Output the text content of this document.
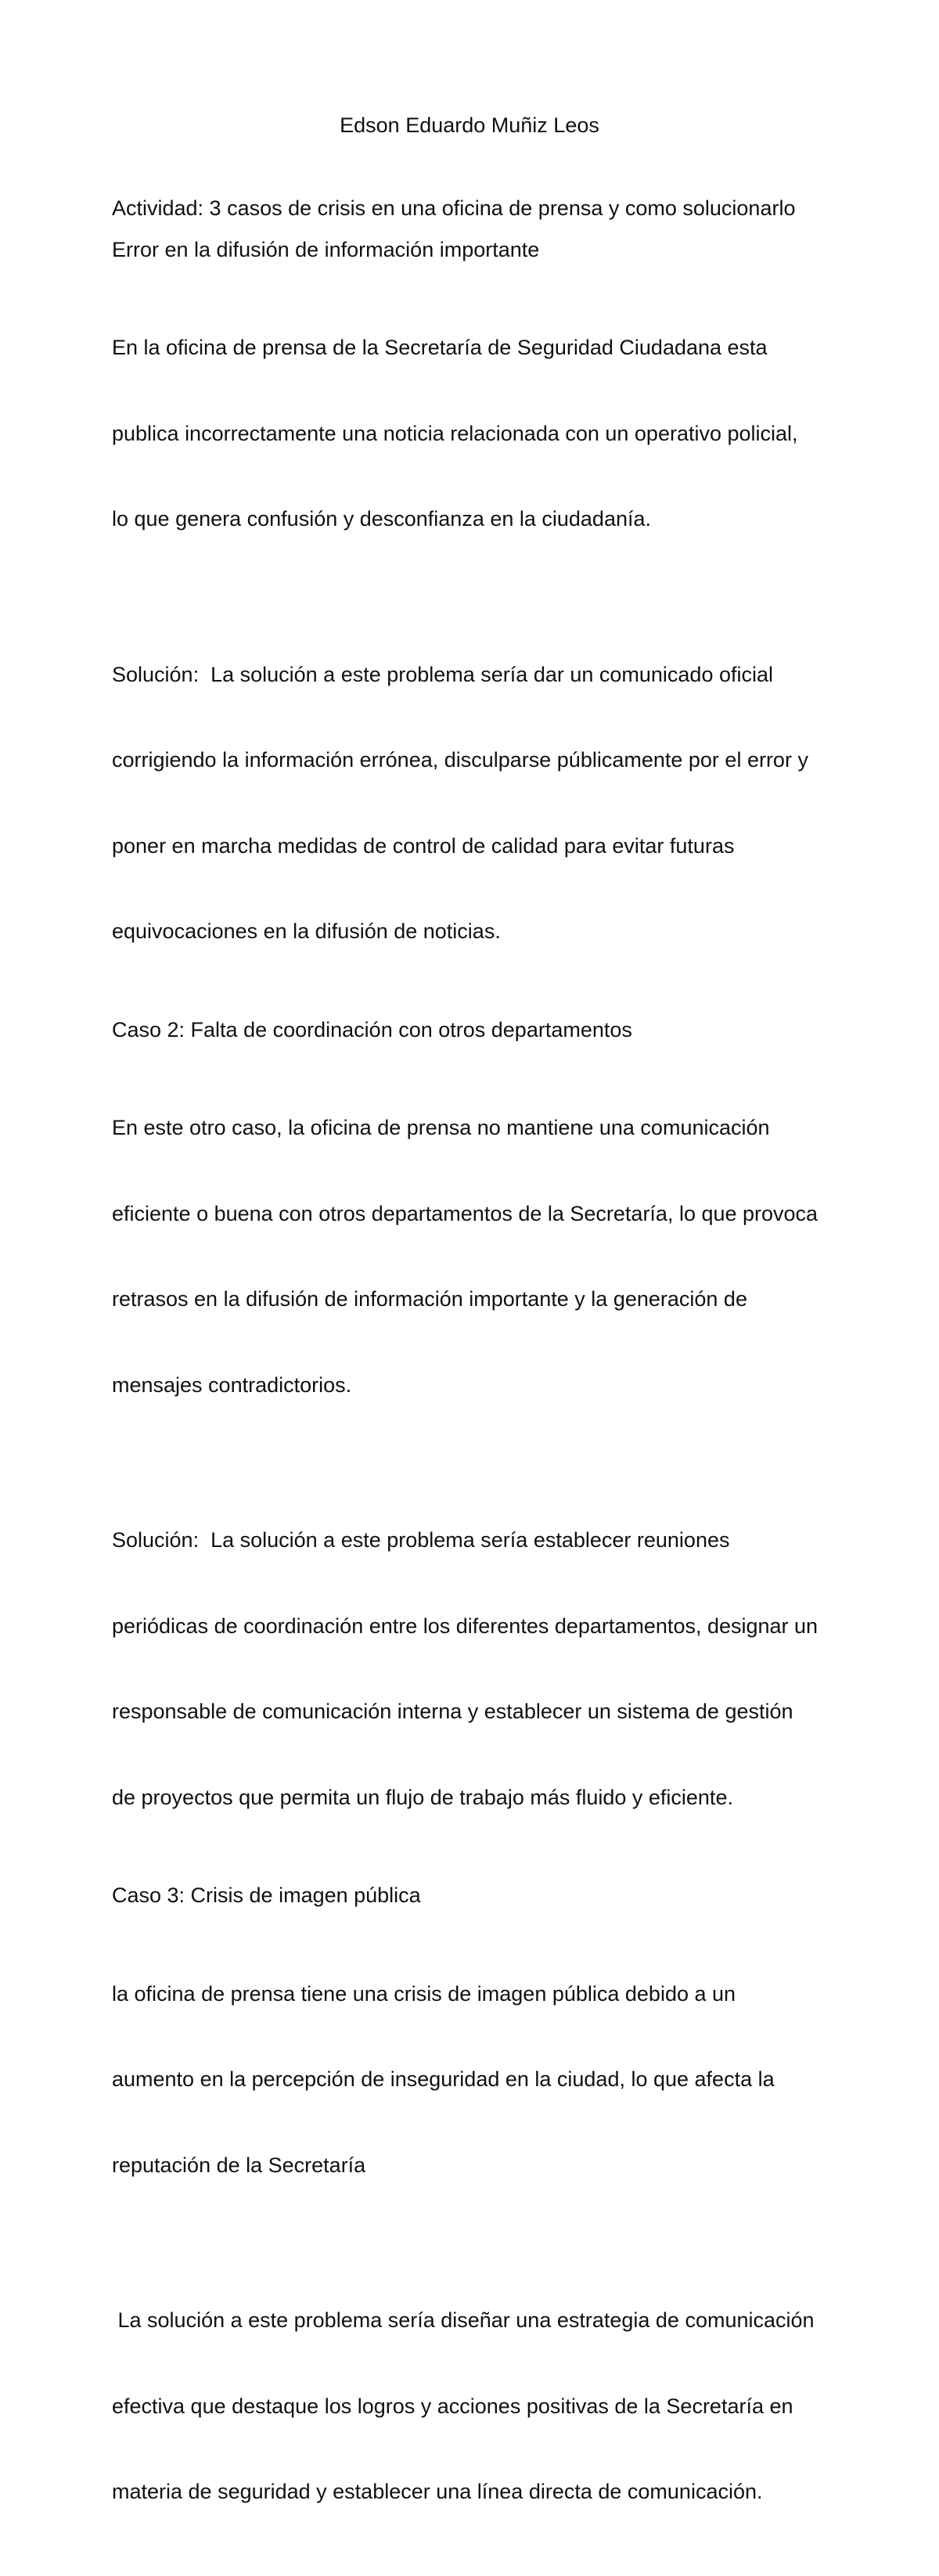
Edson Eduardo Muñiz Leos

Actividad: 3 casos de crisis en una oficina de prensa y como solucionarlo

Error en la difusión de información importante

En la oficina de prensa de la Secretaría de Seguridad Ciudadana esta

publica incorrectamente una noticia relacionada con un operativo policial,

lo que genera confusión y desconfianza en la ciudadanía.

Solución:  La solución a este problema sería dar un comunicado oficial

corrigiendo la información errónea, disculparse públicamente por el error y

poner en marcha medidas de control de calidad para evitar futuras

equivocaciones en la difusión de noticias.

Caso 2: Falta de coordinación con otros departamentos

En este otro caso, la oficina de prensa no mantiene una comunicación

eficiente o buena con otros departamentos de la Secretaría, lo que provoca

retrasos en la difusión de información importante y la generación de

mensajes contradictorios.

Solución:  La solución a este problema sería establecer reuniones

periódicas de coordinación entre los diferentes departamentos, designar un

responsable de comunicación interna y establecer un sistema de gestión

de proyectos que permita un flujo de trabajo más fluido y eficiente.

Caso 3: Crisis de imagen pública

la oficina de prensa tiene una crisis de imagen pública debido a un

aumento en la percepción de inseguridad en la ciudad, lo que afecta la

reputación de la Secretaría

La solución a este problema sería diseñar una estrategia de comunicación

efectiva que destaque los logros y acciones positivas de la Secretaría en

materia de seguridad y establecer una línea directa de comunicación.
